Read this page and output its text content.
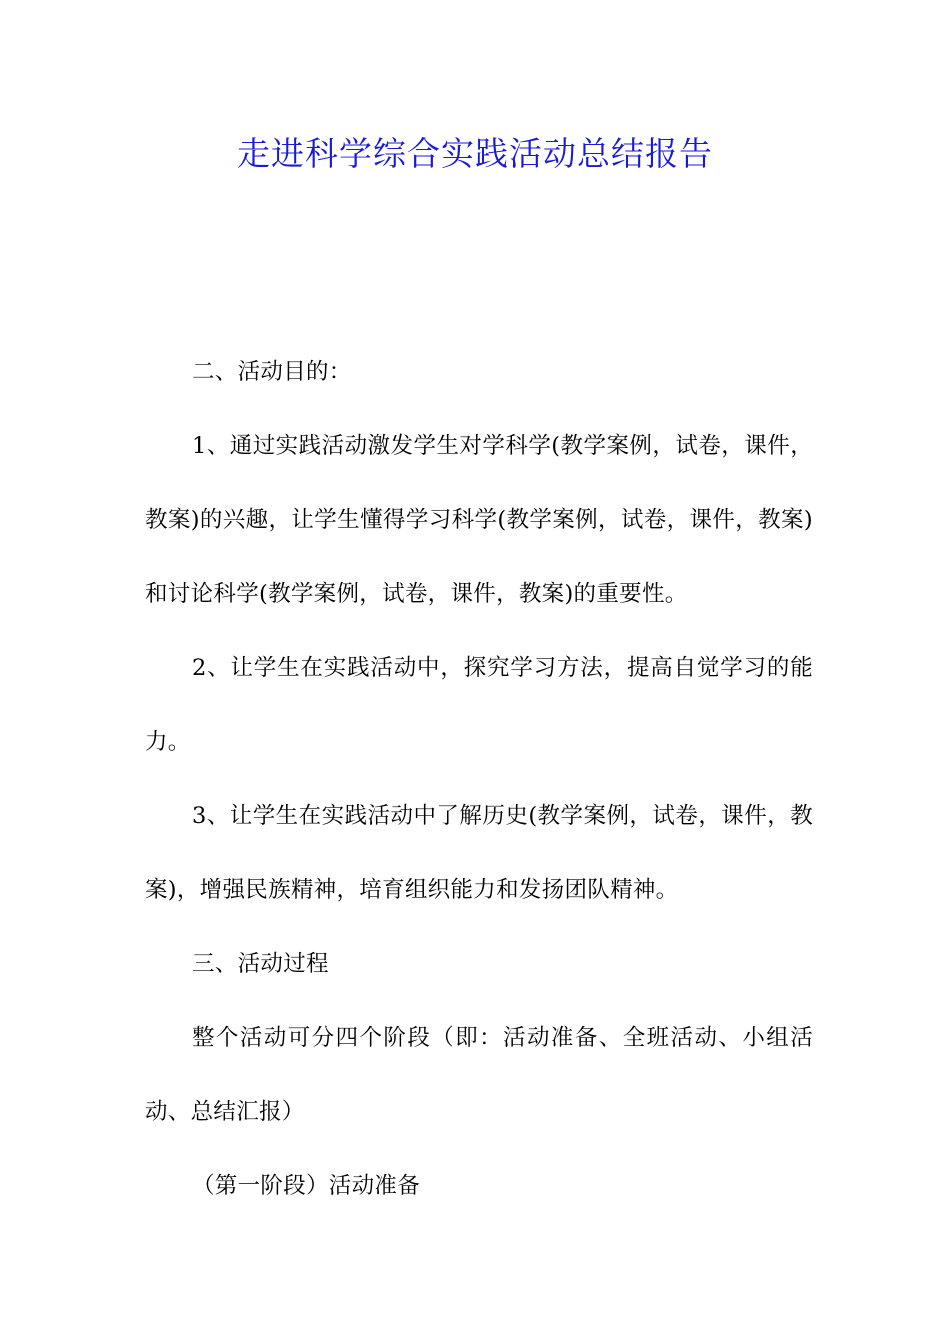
走进科学综合实践活动总结报告

二、活动目的：

1、通过实践活动激发学生对学科学(教学案例，试卷，课件，教案)的兴趣，让学生懂得学习科学(教学案例，试卷，课件，教案)和讨论科学(教学案例，试卷，课件，教案)的重要性。

2、让学生在实践活动中，探究学习方法，提高自觉学习的能力。

3、让学生在实践活动中了解历史(教学案例，试卷，课件，教案)，增强民族精神，培育组织能力和发扬团队精神。

三、活动过程

整个活动可分四个阶段（即：活动准备、全班活动、小组活动、总结汇报）

（第一阶段）活动准备
